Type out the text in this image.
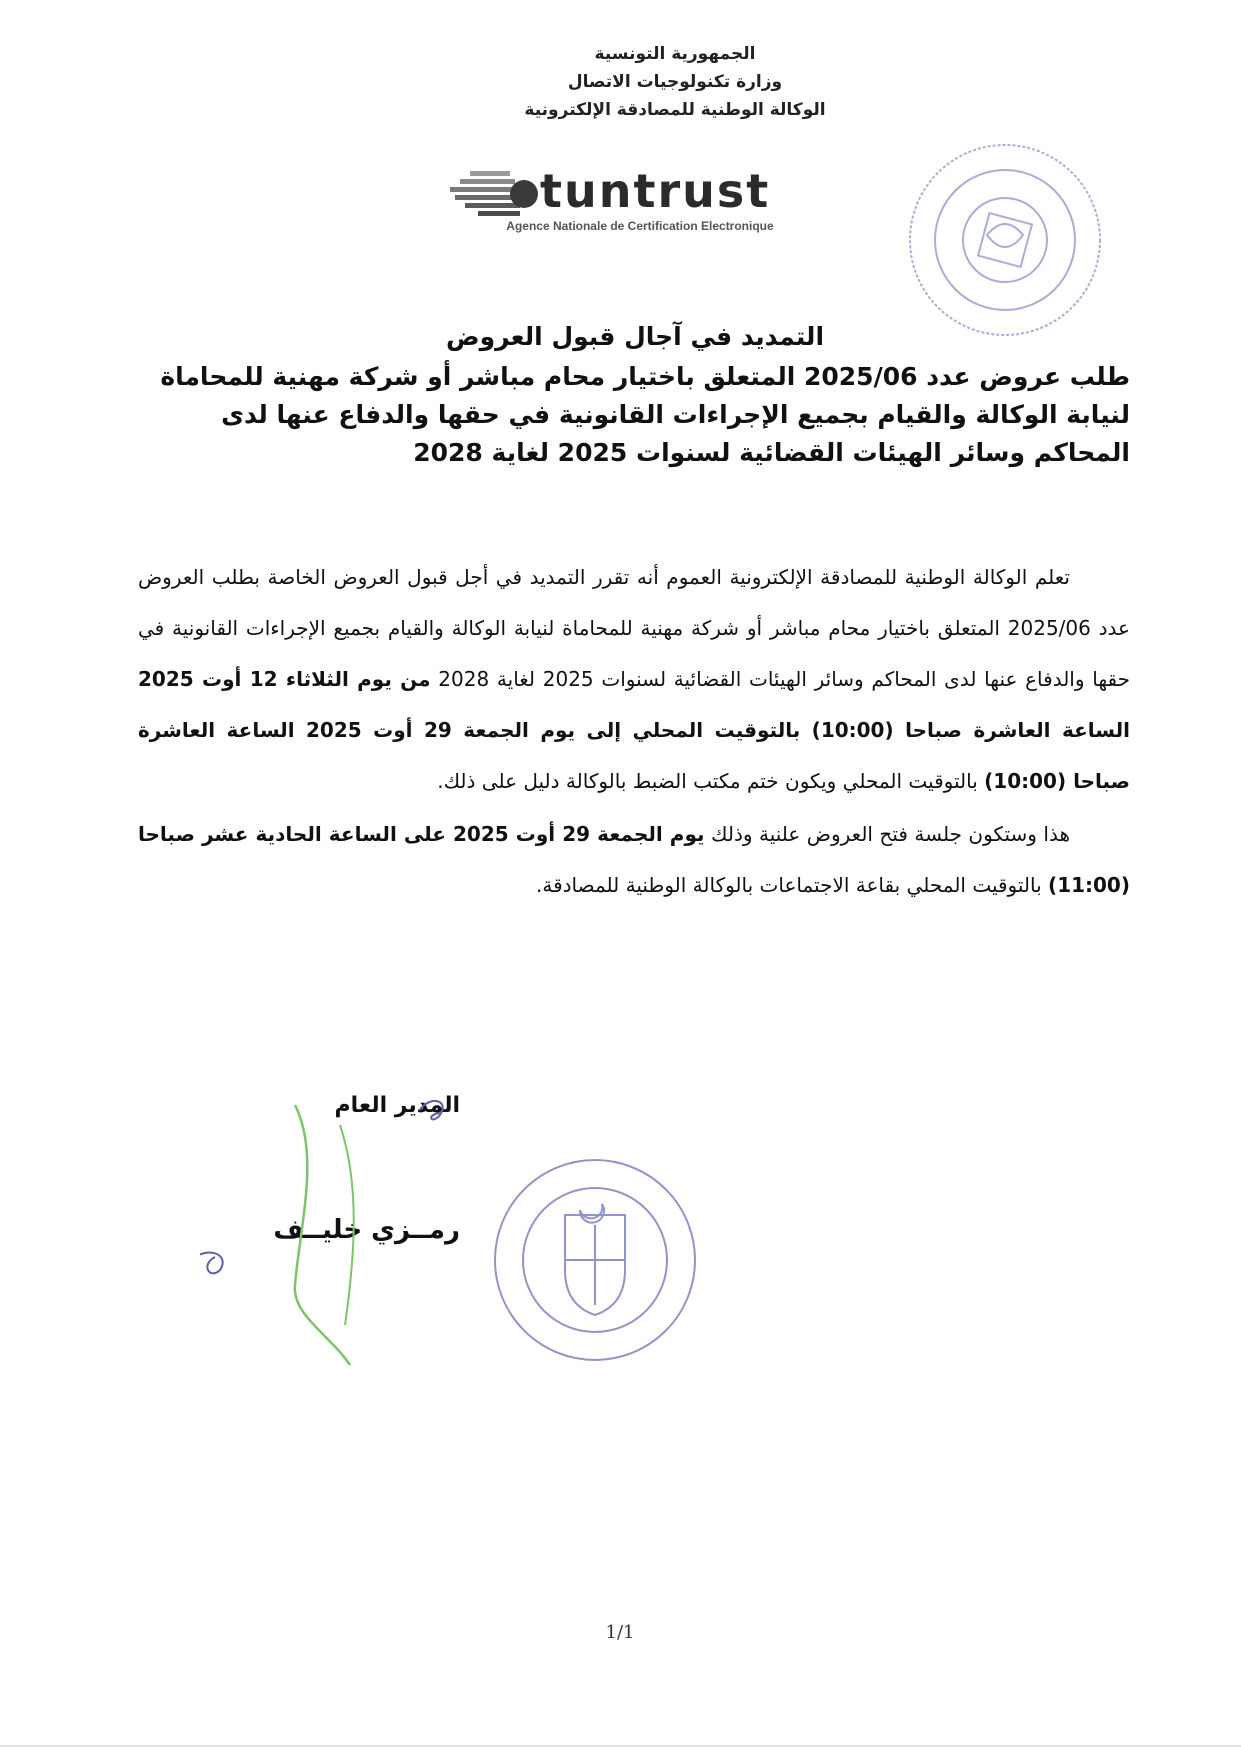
الجمهورية التونسية
وزارة تكنولوجيات الاتصال
الوكالة الوطنية للمصادقة الإلكترونية
tuntrust
Agence Nationale de Certification Electronique
التمديد في آجال قبول العروض
طلب عروض عدد 2025/06 المتعلق باختيار محام مباشر أو شركة مهنية للمحاماة لنيابة الوكالة والقيام بجميع الإجراءات القانونية في حقها والدفاع عنها لدى المحاكم وسائر الهيئات القضائية لسنوات 2025 لغاية 2028

تعلم الوكالة الوطنية للمصادقة الإلكترونية العموم أنه تقرر التمديد في أجل قبول العروض الخاصة بطلب العروض عدد 2025/06 المتعلق باختيار محام مباشر أو شركة مهنية للمحاماة لنيابة الوكالة والقيام بجميع الإجراءات القانونية في حقها والدفاع عنها لدى المحاكم وسائر الهيئات القضائية لسنوات 2025 لغاية 2028 من يوم الثلاثاء 12 أوت 2025 الساعة العاشرة صباحا (10:00) بالتوقيت المحلي إلى يوم الجمعة 29 أوت 2025 الساعة العاشرة صباحا (10:00) بالتوقيت المحلي ويكون ختم مكتب الضبط بالوكالة دليل على ذلك.

هذا وستكون جلسة فتح العروض علنية وذلك يوم الجمعة 29 أوت 2025 على الساعة الحادية عشر صباحا (11:00) بالتوقيت المحلي بقاعة الاجتماعات بالوكالة الوطنية للمصادقة.

المدير العام
رمــزي خليــف
1/1
